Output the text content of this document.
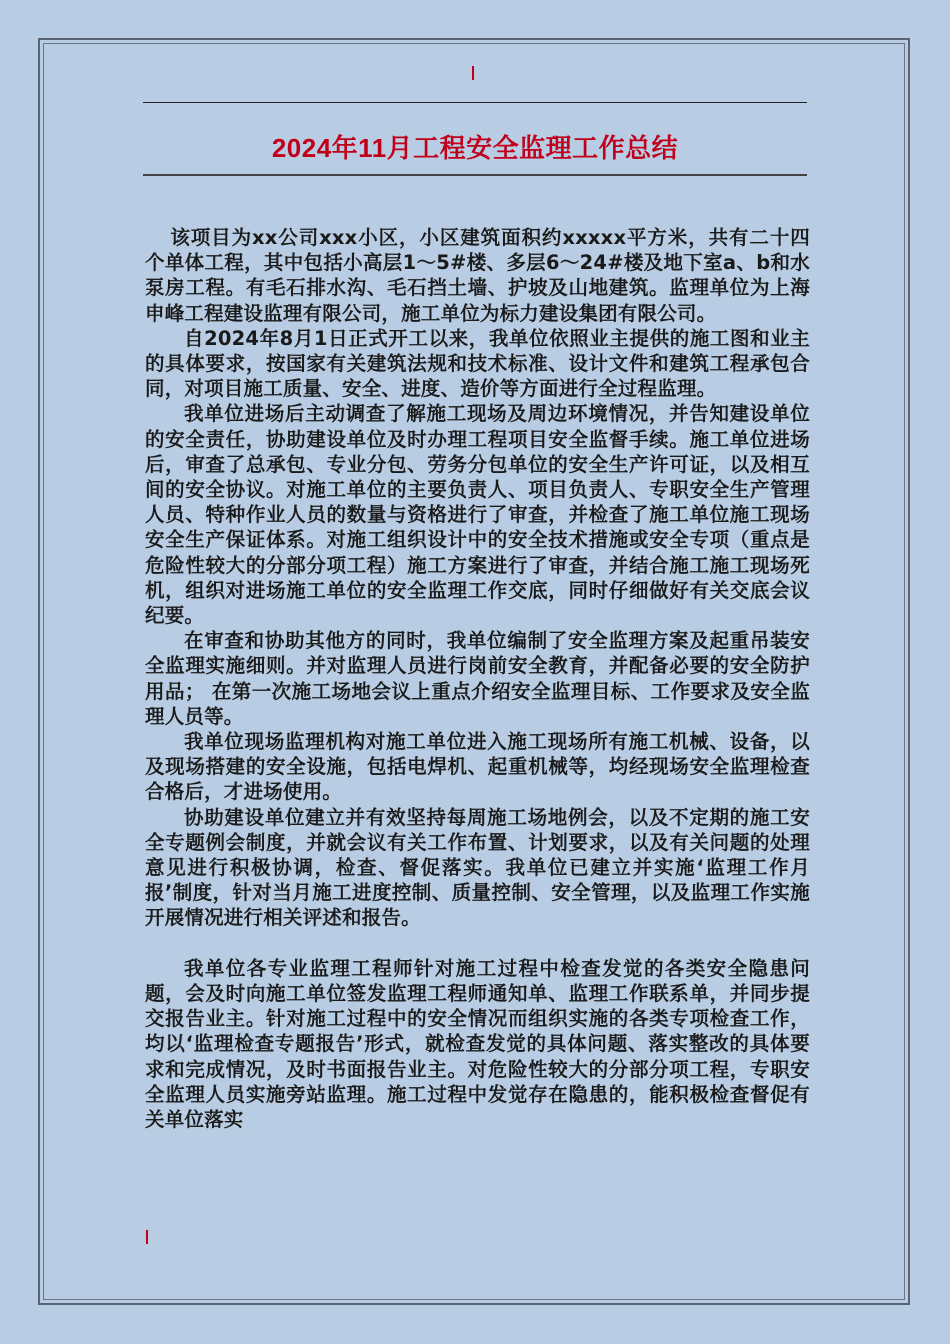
2024年11月工程安全监理工作总结

该项目为xx公司xxx小区，小区建筑面积约xxxxx平方米，共有二十四个单体工程，其中包括小高层1～5#楼、多层6～24#楼及地下室a、b和水泵房工程。有毛石排水沟、毛石挡土墙、护坡及山地建筑。监理单位为上海申峰工程建设监理有限公司，施工单位为标力建设集团有限公司。

自2024年8月1日正式开工以来，我单位依照业主提供的施工图和业主的具体要求，按国家有关建筑法规和技术标准、设计文件和建筑工程承包合同，对项目施工质量、安全、进度、造价等方面进行全过程监理。

我单位进场后主动调查了解施工现场及周边环境情况，并告知建设单位的安全责任，协助建设单位及时办理工程项目安全监督手续。施工单位进场后，审查了总承包、专业分包、劳务分包单位的安全生产许可证，以及相互间的安全协议。对施工单位的主要负责人、项目负责人、专职安全生产管理人员、特种作业人员的数量与资格进行了审查，并检查了施工单位施工现场安全生产保证体系。对施工组织设计中的安全技术措施或安全专项（重点是危险性较大的分部分项工程）施工方案进行了审查，并结合施工施工现场死机，组织对进场施工单位的安全监理工作交底，同时仔细做好有关交底会议纪要。

在审查和协助其他方的同时，我单位编制了安全监理方案及起重吊装安全监理实施细则。并对监理人员进行岗前安全教育，并配备必要的安全防护用品； 在第一次施工场地会议上重点介绍安全监理目标、工作要求及安全监理人员等。

我单位现场监理机构对施工单位进入施工现场所有施工机械、设备，以及现场搭建的安全设施，包括电焊机、起重机械等，均经现场安全监理检查合格后，才进场使用。

协助建设单位建立并有效坚持每周施工场地例会，以及不定期的施工安全专题例会制度，并就会议有关工作布置、计划要求，以及有关问题的处理意见进行积极协调，检查、督促落实。我单位已建立并实施‘监理工作月报’制度，针对当月施工进度控制、质量控制、安全管理，以及监理工作实施开展情况进行相关评述和报告。

我单位各专业监理工程师针对施工过程中检查发觉的各类安全隐患问题，会及时向施工单位签发监理工程师通知单、监理工作联系单，并同步提交报告业主。针对施工过程中的安全情况而组织实施的各类专项检查工作，均以‘监理检查专题报告’形式，就检查发觉的具体问题、落实整改的具体要求和完成情况，及时书面报告业主。对危险性较大的分部分项工程，专职安全监理人员实施旁站监理。施工过程中发觉存在隐患的，能积极检查督促有关单位落实
